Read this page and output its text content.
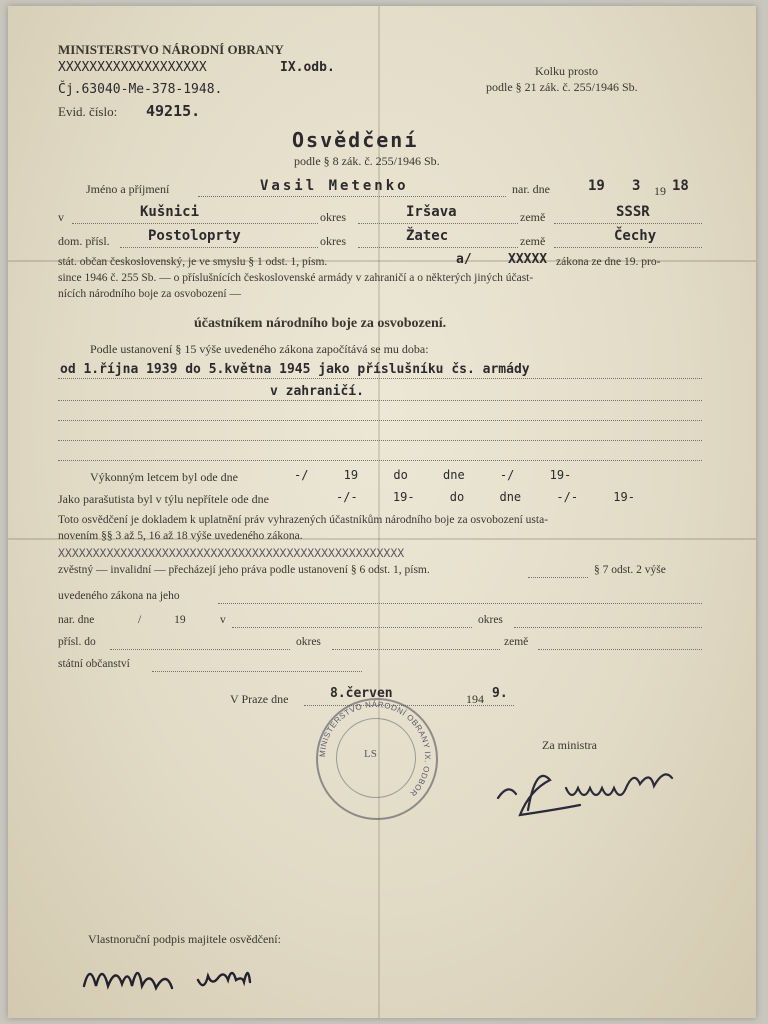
MINISTERSTVO NÁRODNÍ OBRANY
XXXXXXXXXXXXXXXXXXX	IX.odb.
Čj.63040-Ме-378-1948.
Evid. číslo: 49215.
Kolku prosto
podle § 21 zák. č. 255/1946 Sb.
Osvědčení
podle § 8 zák. č. 255/1946 Sb.
Jméno a příjmení	Vasil Metenko	nar. dne	19 3 19 18
v	Kušnici	okres	Iršava	země	SSSR
dom. přísl.	Postoloprty	okres	Žatec	země	Čechy
stát. občan československý, je ve smyslu § 1 odst. 1, písm.	a/	XXXXX zákona ze dne 19. pro-
since 1946 č. 255 Sb. — o příslušnících československé armády v zahraničí a o některých jiných účast-
nících národního boje za osvobození —
účastníkem národního boje za osvobození.
Podle ustanovení § 15 výše uvedeného zákona započítává se mu doba:
od 1.října 1939 do 5.května 1945 jako příslušníku čs. armády
v zahraničí.
Výkonným letcem byl ode dne	-/ 19 do dne -/ 19-
Jako parašutista byl v týlu nepřítele ode dne	-/- 19- do dne -/- 19-
Toto osvědčení je dokladem k uplatnění práv vyhrazených účastníkům národního boje za osvobození usta-
novením §§ 3 až 5, 16 až 18 výše uvedeného zákona.
XXXXXXXXXXXXXXXXXXXXXXXXXXXXXXXXXXXXXXXXXXXXXXXXXX
zvěstný — invalidní — přecházejí jeho práva podle ustanovení § 6 odst. 1, písm.	§ 7 odst. 2 výše
uvedeného zákona na jeho
nar. dne	/ 19	v	okres
přísl. do	okres	země
státní občanství
V Praze dne	8.červen	194 9.
LS
MINISTERSTVO NÁRODNÍ OBRANY IX. ODBOR
Za ministra
Vlastnoruční podpis majitele osvědčení:
